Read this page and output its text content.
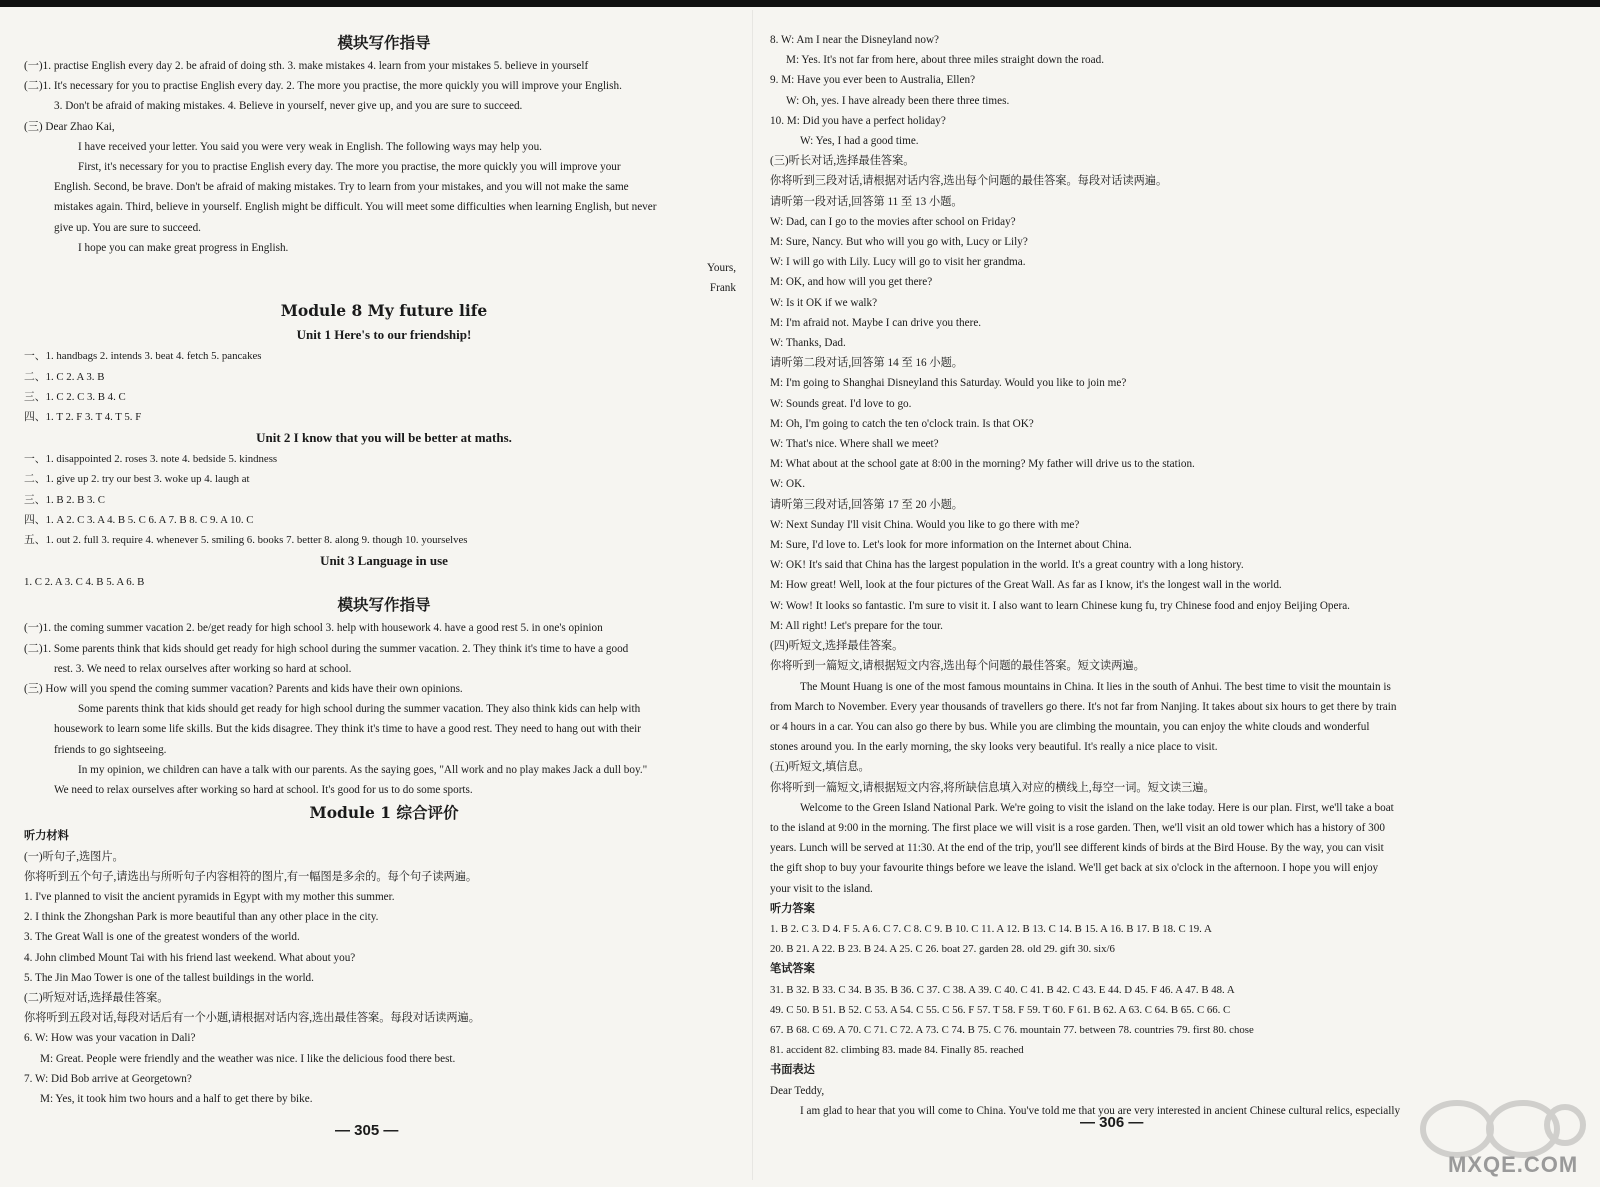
模块写作指导
(一)1. practise English every day 2. be afraid of doing sth. 3. make mistakes 4. learn from your mistakes 5. believe in yourself
(二)1. It's necessary for you to practise English every day. 2. The more you practise, the more quickly you will improve your English.
3. Don't be afraid of making mistakes. 4. Believe in yourself, never give up, and you are sure to succeed.
(三) Dear Zhao Kai,
I have received your letter. You said you were very weak in English. The following ways may help you.
First, it's necessary for you to practise English every day. The more you practise, the more quickly you will improve your
English. Second, be brave. Don't be afraid of making mistakes. Try to learn from your mistakes, and you will not make the same
mistakes again. Third, believe in yourself. English might be difficult. You will meet some difficulties when learning English, but never
give up. You are sure to succeed.
I hope you can make great progress in English.
Yours,
Frank
Module 8 My future life
Unit 1 Here's to our friendship!
一、1. handbags 2. intends 3. beat 4. fetch 5. pancakes
二、1. C 2. A 3. B
三、1. C 2. C 3. B 4. C
四、1. T 2. F 3. T 4. T 5. F
Unit 2 I know that you will be better at maths.
一、1. disappointed 2. roses 3. note 4. bedside 5. kindness
二、1. give up 2. try our best 3. woke up 4. laugh at
三、1. B 2. B 3. C
四、1. A 2. C 3. A 4. B 5. C 6. A 7. B 8. C 9. A 10. C
五、1. out 2. full 3. require 4. whenever 5. smiling 6. books 7. better 8. along 9. though 10. yourselves
Unit 3 Language in use
1. C 2. A 3. C 4. B 5. A 6. B
模块写作指导
(一)1. the coming summer vacation 2. be/get ready for high school 3. help with housework 4. have a good rest 5. in one's opinion
(二)1. Some parents think that kids should get ready for high school during the summer vacation. 2. They think it's time to have a good
rest. 3. We need to relax ourselves after working so hard at school.
(三) How will you spend the coming summer vacation? Parents and kids have their own opinions.
Some parents think that kids should get ready for high school during the summer vacation. They also think kids can help with
housework to learn some life skills. But the kids disagree. They think it's time to have a good rest. They need to hang out with their
friends to go sightseeing.
In my opinion, we children can have a talk with our parents. As the saying goes, "All work and no play makes Jack a dull boy."
We need to relax ourselves after working so hard at school. It's good for us to do some sports.
Module 1 综合评价
听力材料
(一)听句子,选图片。
你将听到五个句子,请选出与所听句子内容相符的图片,有一幅图是多余的。每个句子读两遍。
1. I've planned to visit the ancient pyramids in Egypt with my mother this summer.
2. I think the Zhongshan Park is more beautiful than any other place in the city.
3. The Great Wall is one of the greatest wonders of the world.
4. John climbed Mount Tai with his friend last weekend. What about you?
5. The Jin Mao Tower is one of the tallest buildings in the world.
(二)听短对话,选择最佳答案。
你将听到五段对话,每段对话后有一个小题,请根据对话内容,选出最佳答案。每段对话读两遍。
6. W: How was your vacation in Dali?
M: Great. People were friendly and the weather was nice. I like the delicious food there best.
7. W: Did Bob arrive at Georgetown?
M: Yes, it took him two hours and a half to get there by bike.
8. W: Am I near the Disneyland now?
M: Yes. It's not far from here, about three miles straight down the road.
9. M: Have you ever been to Australia, Ellen?
W: Oh, yes. I have already been there three times.
10. M: Did you have a perfect holiday?
W: Yes, I had a good time.
(三)听长对话,选择最佳答案。
你将听到三段对话,请根据对话内容,选出每个问题的最佳答案。每段对话读两遍。
请听第一段对话,回答第 11 至 13 小题。
W: Dad, can I go to the movies after school on Friday?
M: Sure, Nancy. But who will you go with, Lucy or Lily?
W: I will go with Lily. Lucy will go to visit her grandma.
M: OK, and how will you get there?
W: Is it OK if we walk?
M: I'm afraid not. Maybe I can drive you there.
W: Thanks, Dad.
请听第二段对话,回答第 14 至 16 小题。
M: I'm going to Shanghai Disneyland this Saturday. Would you like to join me?
W: Sounds great. I'd love to go.
M: Oh, I'm going to catch the ten o'clock train. Is that OK?
W: That's nice. Where shall we meet?
M: What about at the school gate at 8:00 in the morning? My father will drive us to the station.
W: OK.
请听第三段对话,回答第 17 至 20 小题。
W: Next Sunday I'll visit China. Would you like to go there with me?
M: Sure, I'd love to. Let's look for more information on the Internet about China.
W: OK! It's said that China has the largest population in the world. It's a great country with a long history.
M: How great! Well, look at the four pictures of the Great Wall. As far as I know, it's the longest wall in the world.
W: Wow! It looks so fantastic. I'm sure to visit it. I also want to learn Chinese kung fu, try Chinese food and enjoy Beijing Opera.
M: All right! Let's prepare for the tour.
(四)听短文,选择最佳答案。
你将听到一篇短文,请根据短文内容,选出每个问题的最佳答案。短文读两遍。
The Mount Huang is one of the most famous mountains in China. It lies in the south of Anhui. The best time to visit the mountain is
from March to November. Every year thousands of travellers go there. It's not far from Nanjing. It takes about six hours to get there by train
or 4 hours in a car. You can also go there by bus. While you are climbing the mountain, you can enjoy the white clouds and wonderful
stones around you. In the early morning, the sky looks very beautiful. It's really a nice place to visit.
(五)听短文,填信息。
你将听到一篇短文,请根据短文内容,将所缺信息填入对应的横线上,每空一词。短文读三遍。
Welcome to the Green Island National Park. We're going to visit the island on the lake today. Here is our plan. First, we'll take a boat
to the island at 9:00 in the morning. The first place we will visit is a rose garden. Then, we'll visit an old tower which has a history of 300
years. Lunch will be served at 11:30. At the end of the trip, you'll see different kinds of birds at the Bird House. By the way, you can visit
the gift shop to buy your favourite things before we leave the island. We'll get back at six o'clock in the afternoon. I hope you will enjoy
your visit to the island.
听力答案
1. B 2. C 3. D 4. F 5. A 6. C 7. C 8. C 9. B 10. C 11. A 12. B 13. C 14. B 15. A 16. B 17. B 18. C 19. A
20. B 21. A 22. B 23. B 24. A 25. C 26. boat 27. garden 28. old 29. gift 30. six/6
笔试答案
31. B 32. B 33. C 34. B 35. B 36. C 37. C 38. A 39. C 40. C 41. B 42. C 43. E 44. D 45. F 46. A 47. B 48. A
49. C 50. B 51. B 52. C 53. A 54. C 55. C 56. F 57. T 58. F 59. T 60. F 61. B 62. A 63. C 64. B 65. C 66. C
67. B 68. C 69. A 70. C 71. C 72. A 73. C 74. B 75. C 76. mountain 77. between 78. countries 79. first 80. chose
81. accident 82. climbing 83. made 84. Finally 85. reached
书面表达
Dear Teddy,
I am glad to hear that you will come to China. You've told me that you are very interested in ancient Chinese cultural relics, especially
— 305 —	— 306 —
MXQE.COM
